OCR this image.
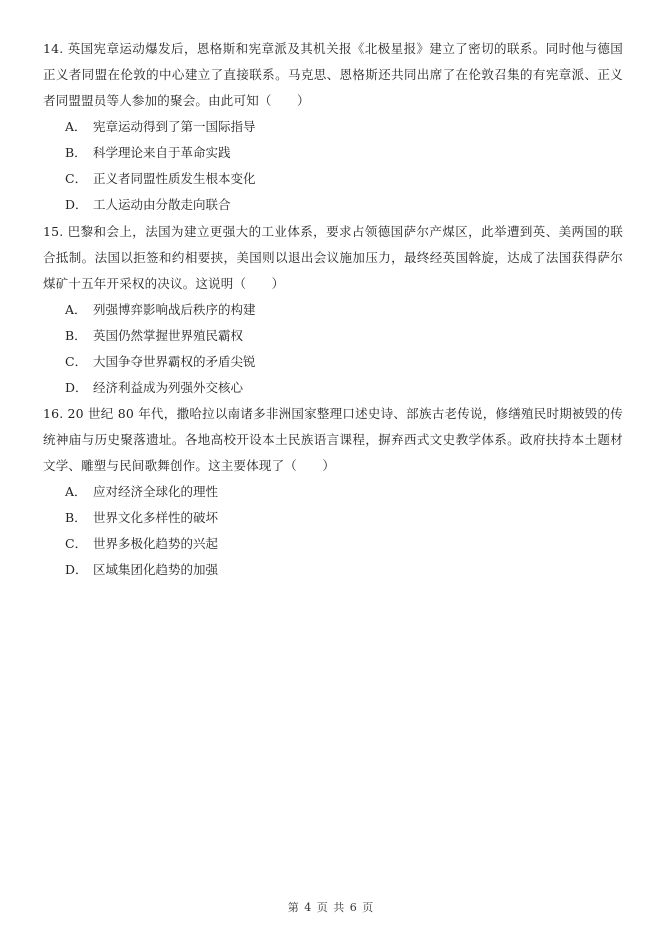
14. 英国宪章运动爆发后，恩格斯和宪章派及其机关报《北极星报》建立了密切的联系。同时他与德国正义者同盟在伦敦的中心建立了直接联系。马克思、恩格斯还共同出席了在伦敦召集的有宪章派、正义者同盟盟员等人参加的聚会。由此可知（　　）

A． 宪章运动得到了第一国际指导
B． 科学理论来自于革命实践
C． 正义者同盟性质发生根本变化
D． 工人运动由分散走向联合

15. 巴黎和会上，法国为建立更强大的工业体系，要求占领德国萨尔产煤区，此举遭到英、美两国的联合抵制。法国以拒签和约相要挟，美国则以退出会议施加压力，最终经英国斡旋，达成了法国获得萨尔煤矿十五年开采权的决议。这说明（　　）

A． 列强博弈影响战后秩序的构建
B． 英国仍然掌握世界殖民霸权
C． 大国争夺世界霸权的矛盾尖锐
D． 经济利益成为列强外交核心

16. 20 世纪 80 年代，撒哈拉以南诸多非洲国家整理口述史诗、部族古老传说，修缮殖民时期被毁的传统神庙与历史聚落遗址。各地高校开设本土民族语言课程，摒弃西式文史教学体系。政府扶持本土题材文学、雕塑与民间歌舞创作。这主要体现了（　　）

A． 应对经济全球化的理性
B． 世界文化多样性的破坏
C． 世界多极化趋势的兴起
D． 区域集团化趋势的加强
第 4 页 共 6 页
